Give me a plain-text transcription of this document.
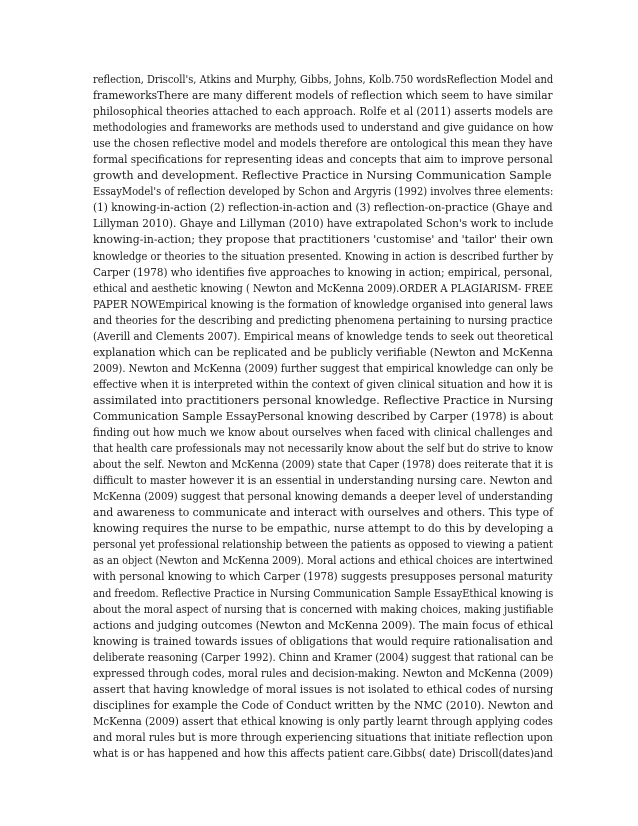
reflection, Driscoll's, Atkins and Murphy, Gibbs, Johns, Kolb.750 wordsReflection Model and
frameworksThere are many different models of reflection which seem to have similar
philosophical theories attached to each approach. Rolfe et al (2011) asserts models are
methodologies and frameworks are methods used to understand and give guidance on how
use the chosen reflective model and models therefore are ontological this mean they have
formal specifications for representing ideas and concepts that aim to improve personal
growth and development. Reflective Practice in Nursing Communication Sample
EssayModel's of reflection developed by Schon and Argyris (1992) involves three elements:
(1) knowing-in-action (2) reflection-in-action and (3) reflection-on-practice (Ghaye and
Lillyman 2010). Ghaye and Lillyman (2010) have extrapolated Schon's work to include
knowing-in-action; they propose that practitioners 'customise' and 'tailor' their own
knowledge or theories to the situation presented. Knowing in action is described further by
Carper (1978) who identifies five approaches to knowing in action; empirical, personal,
ethical and aesthetic knowing ( Newton and McKenna 2009).ORDER A PLAGIARISM- FREE
PAPER NOWEmpirical knowing is the formation of knowledge organised into general laws
and theories for the describing and predicting phenomena pertaining to nursing practice
(Averill and Clements 2007). Empirical means of knowledge tends to seek out theoretical
explanation which can be replicated and be publicly verifiable (Newton and McKenna
2009). Newton and McKenna (2009) further suggest that empirical knowledge can only be
effective when it is interpreted within the context of given clinical situation and how it is
assimilated into practitioners personal knowledge. Reflective Practice in Nursing
Communication Sample EssayPersonal knowing described by Carper (1978) is about
finding out how much we know about ourselves when faced with clinical challenges and
that health care professionals may not necessarily know about the self but do strive to know
about the self. Newton and McKenna (2009) state that Caper (1978) does reiterate that it is
difficult to master however it is an essential in understanding nursing care. Newton and
McKenna (2009) suggest that personal knowing demands a deeper level of understanding
and awareness to communicate and interact with ourselves and others. This type of
knowing requires the nurse to be empathic, nurse attempt to do this by developing a
personal yet professional relationship between the patients as opposed to viewing a patient
as an object (Newton and McKenna 2009). Moral actions and ethical choices are intertwined
with personal knowing to which Carper (1978) suggests presupposes personal maturity
and freedom. Reflective Practice in Nursing Communication Sample EssayEthical knowing is
about the moral aspect of nursing that is concerned with making choices, making justifiable
actions and judging outcomes (Newton and McKenna 2009). The main focus of ethical
knowing is trained towards issues of obligations that would require rationalisation and
deliberate reasoning (Carper 1992). Chinn and Kramer (2004) suggest that rational can be
expressed through codes, moral rules and decision-making. Newton and McKenna (2009)
assert that having knowledge of moral issues is not isolated to ethical codes of nursing
disciplines for example the Code of Conduct written by the NMC (2010). Newton and
McKenna (2009) assert that ethical knowing is only partly learnt through applying codes
and moral rules but is more through experiencing situations that initiate reflection upon
what is or has happened and how this affects patient care.Gibbs( date) Driscoll(dates)and
